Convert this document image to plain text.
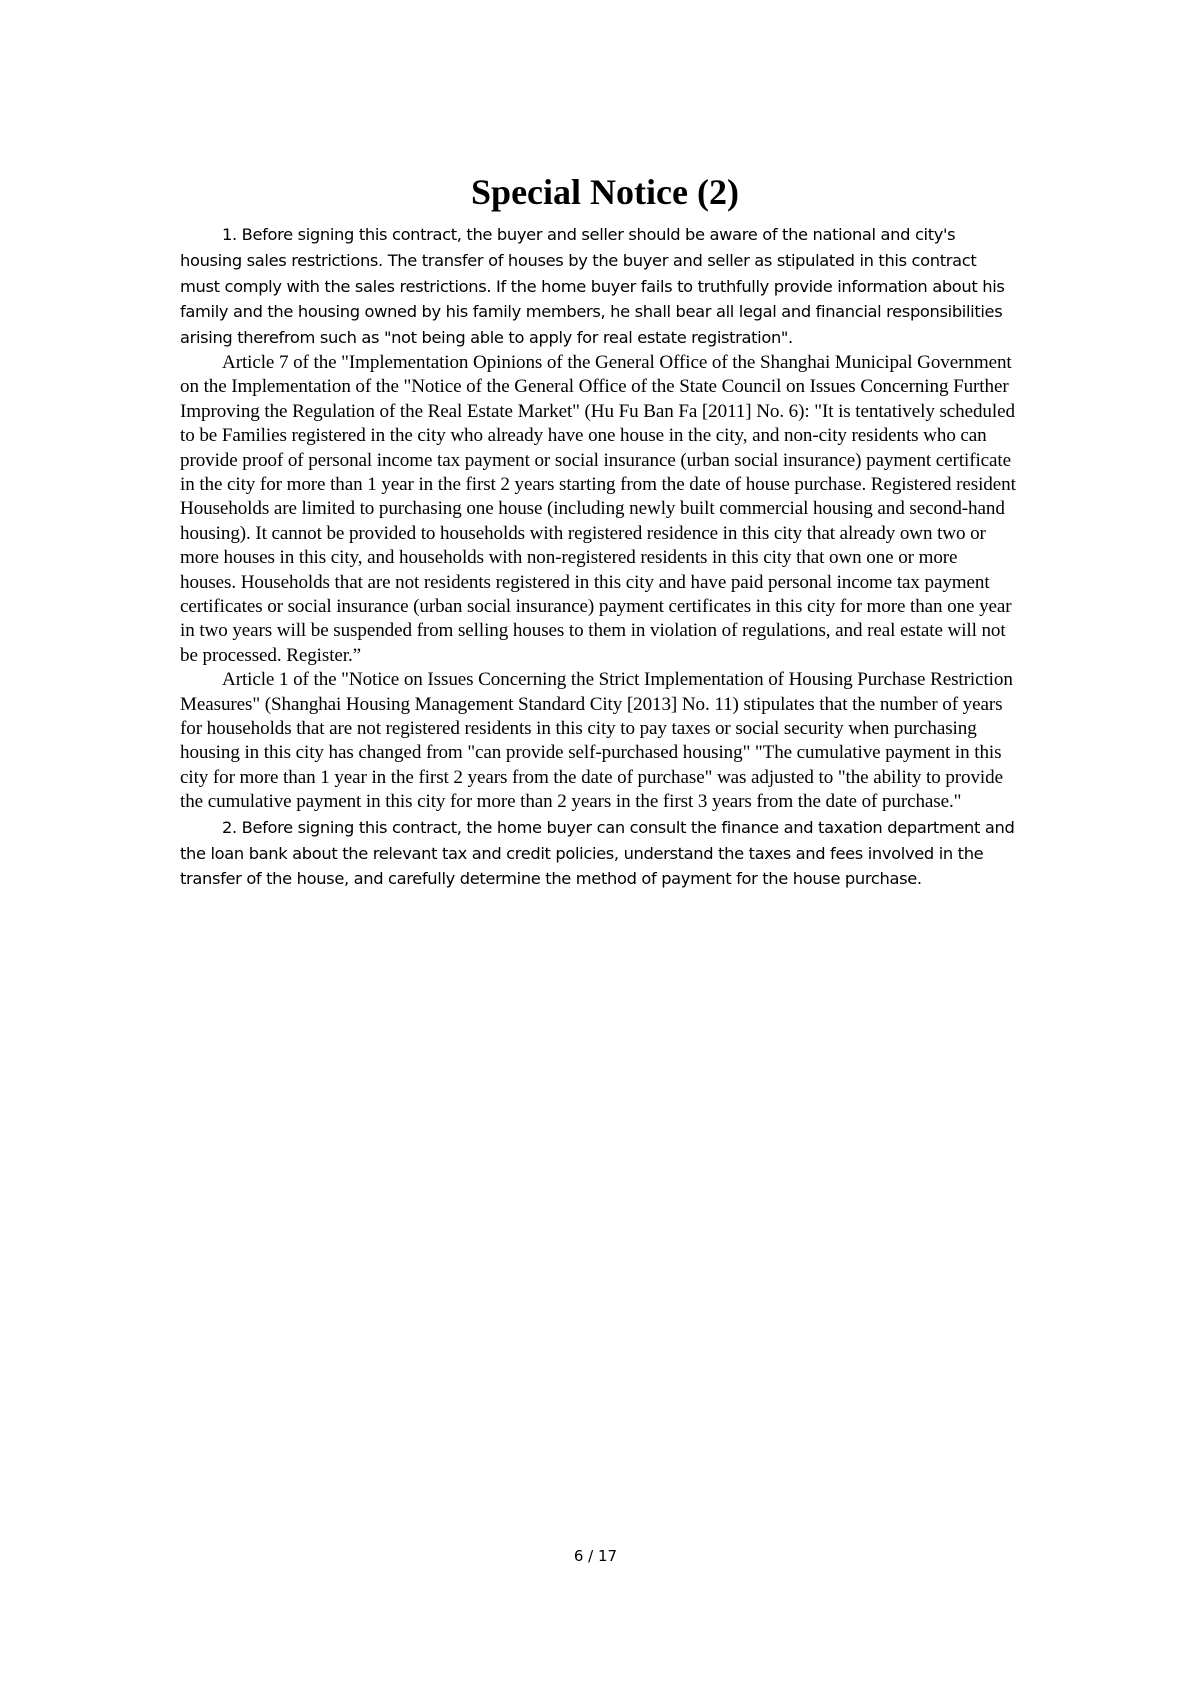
Special Notice (2)

1. Before signing this contract, the buyer and seller should be aware of the national and city's housing sales restrictions. The transfer of houses by the buyer and seller as stipulated in this contract must comply with the sales restrictions. If the home buyer fails to truthfully provide information about his family and the housing owned by his family members, he shall bear all legal and financial responsibilities arising therefrom such as "not being able to apply for real estate registration".

Article 7 of the "Implementation Opinions of the General Office of the Shanghai Municipal Government on the Implementation of the "Notice of the General Office of the State Council on Issues Concerning Further Improving the Regulation of the Real Estate Market" (Hu Fu Ban Fa [2011] No. 6): "It is tentatively scheduled to be Families registered in the city who already have one house in the city, and non-city residents who can provide proof of personal income tax payment or social insurance (urban social insurance) payment certificate in the city for more than 1 year in the first 2 years starting from the date of house purchase. Registered resident Households are limited to purchasing one house (including newly built commercial housing and second-hand housing). It cannot be provided to households with registered residence in this city that already own two or more houses in this city, and households with non-registered residents in this city that own one or more houses. Households that are not residents registered in this city and have paid personal income tax payment certificates or social insurance (urban social insurance) payment certificates in this city for more than one year in two years will be suspended from selling houses to them in violation of regulations, and real estate will not be processed. Register.”

Article 1 of the "Notice on Issues Concerning the Strict Implementation of Housing Purchase Restriction Measures" (Shanghai Housing Management Standard City [2013] No. 11) stipulates that the number of years for households that are not registered residents in this city to pay taxes or social security when purchasing housing in this city has changed from "can provide self-purchased housing" "The cumulative payment in this city for more than 1 year in the first 2 years from the date of purchase" was adjusted to "the ability to provide the cumulative payment in this city for more than 2 years in the first 3 years from the date of purchase."

2. Before signing this contract, the home buyer can consult the finance and taxation department and the loan bank about the relevant tax and credit policies, understand the taxes and fees involved in the transfer of the house, and carefully determine the method of payment for the house purchase.

6 / 17
